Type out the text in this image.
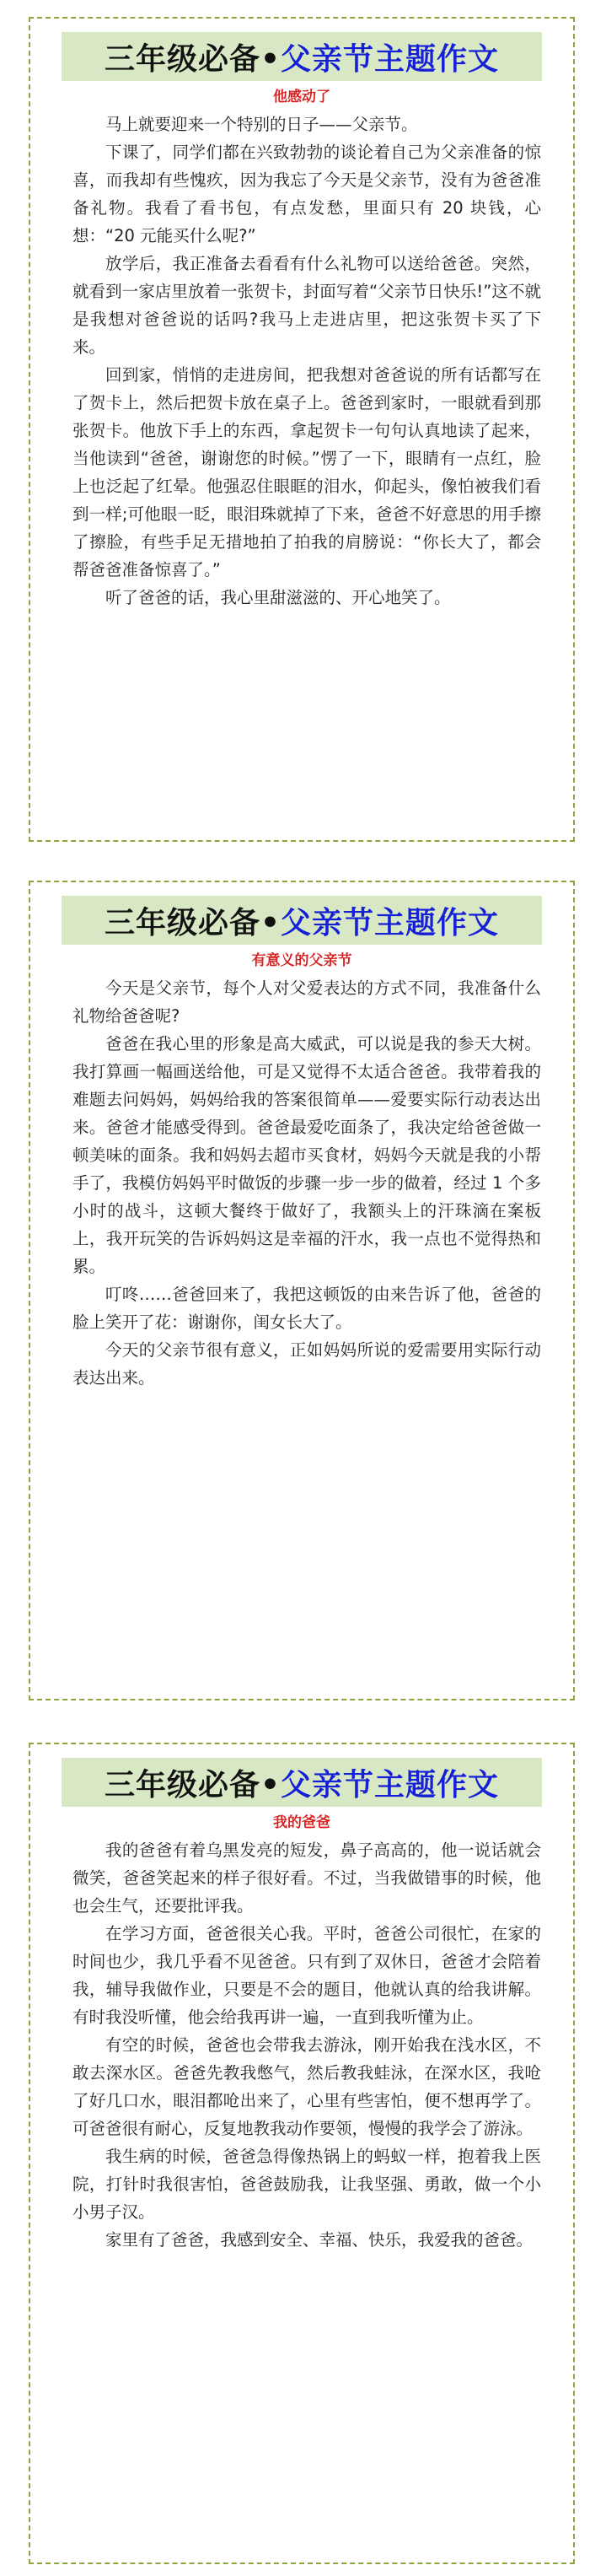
三年级必备• 父亲节主题作文
他感动了

马上就要迎来一个特别的日子——父亲节。

下课了，同学们都在兴致勃勃的谈论着自己为父亲准备的惊喜，而我却有些愧疚，因为我忘了今天是父亲节，没有为爸爸准备礼物。我看了看书包，有点发愁，里面只有 20 块钱，心想：“20 元能买什么呢?”

放学后，我正准备去看看有什么礼物可以送给爸爸。突然，就看到一家店里放着一张贺卡，封面写着“父亲节日快乐!”这不就是我想对爸爸说的话吗?我马上走进店里，把这张贺卡买了下来。

回到家，悄悄的走进房间，把我想对爸爸说的所有话都写在了贺卡上，然后把贺卡放在桌子上。爸爸到家时，一眼就看到那张贺卡。他放下手上的东西，拿起贺卡一句句认真地读了起来，当他读到“爸爸，谢谢您的时候。”愣了一下，眼睛有一点红，脸上也泛起了红晕。他强忍住眼眶的泪水，仰起头，像怕被我们看到一样;可他眼一眨，眼泪珠就掉了下来，爸爸不好意思的用手擦了擦脸，有些手足无措地拍了拍我的肩膀说：“你长大了，都会帮爸爸准备惊喜了。”

听了爸爸的话，我心里甜滋滋的、开心地笑了。

三年级必备• 父亲节主题作文
有意义的父亲节

今天是父亲节，每个人对父爱表达的方式不同，我准备什么礼物给爸爸呢?

爸爸在我心里的形象是高大威武，可以说是我的参天大树。我打算画一幅画送给他，可是又觉得不太适合爸爸。我带着我的难题去问妈妈，妈妈给我的答案很简单——爱要实际行动表达出来。爸爸才能感受得到。爸爸最爱吃面条了，我决定给爸爸做一顿美味的面条。我和妈妈去超市买食材，妈妈今天就是我的小帮手了，我模仿妈妈平时做饭的步骤一步一步的做着，经过 1 个多小时的战斗，这顿大餐终于做好了，我额头上的汗珠滴在案板上，我开玩笑的告诉妈妈这是幸福的汗水，我一点也不觉得热和累。

叮咚……爸爸回来了，我把这顿饭的由来告诉了他，爸爸的脸上笑开了花：谢谢你，闺女长大了。

今天的父亲节很有意义，正如妈妈所说的爱需要用实际行动表达出来。

三年级必备• 父亲节主题作文
我的爸爸

我的爸爸有着乌黑发亮的短发，鼻子高高的，他一说话就会微笑，爸爸笑起来的样子很好看。不过，当我做错事的时候，他也会生气，还要批评我。

在学习方面，爸爸很关心我。平时，爸爸公司很忙，在家的时间也少，我几乎看不见爸爸。只有到了双休日，爸爸才会陪着我，辅导我做作业，只要是不会的题目，他就认真的给我讲解。有时我没听懂，他会给我再讲一遍，一直到我听懂为止。

有空的时候，爸爸也会带我去游泳，刚开始我在浅水区，不敢去深水区。爸爸先教我憋气，然后教我蛙泳，在深水区，我呛了好几口水，眼泪都呛出来了，心里有些害怕，便不想再学了。可爸爸很有耐心，反复地教我动作要领，慢慢的我学会了游泳。

我生病的时候，爸爸急得像热锅上的蚂蚁一样，抱着我上医院，打针时我很害怕，爸爸鼓励我，让我坚强、勇敢，做一个小小男子汉。

家里有了爸爸，我感到安全、幸福、快乐，我爱我的爸爸。
